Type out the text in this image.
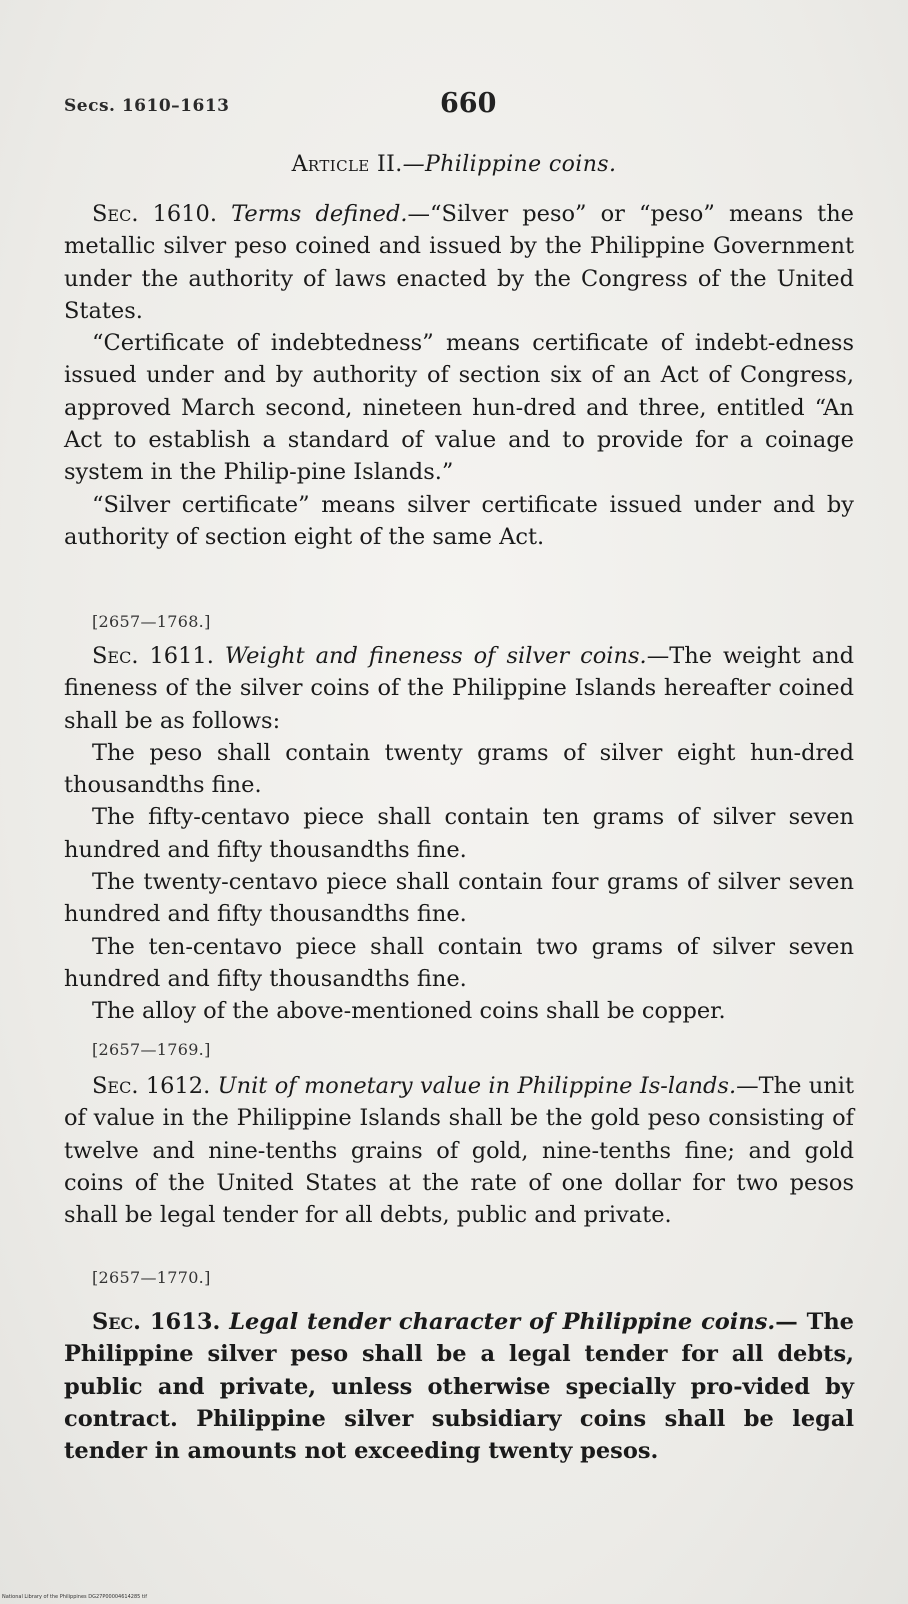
Secs. 1610–1613	660
Article II.—Philippine coins.

Sec. 1610. Terms defined.—“Silver peso” or “peso” means the metallic silver peso coined and issued by the Philippine Government under the authority of laws enacted by the Congress of the United States.

“Certificate of indebtedness” means certificate of indebt-edness issued under and by authority of section six of an Act of Congress, approved March second, nineteen hun-dred and three, entitled “An Act to establish a standard of value and to provide for a coinage system in the Philip-pine Islands.”

“Silver certificate” means silver certificate issued under and by authority of section eight of the same Act.

[2657—1768.]

Sec. 1611. Weight and fineness of silver coins.—The weight and fineness of the silver coins of the Philippine Islands hereafter coined shall be as follows:

The peso shall contain twenty grams of silver eight hun-dred thousandths fine.

The fifty-centavo piece shall contain ten grams of silver seven hundred and fifty thousandths fine.

The twenty-centavo piece shall contain four grams of silver seven hundred and fifty thousandths fine.

The ten-centavo piece shall contain two grams of silver seven hundred and fifty thousandths fine.

The alloy of the above-mentioned coins shall be copper.

[2657—1769.]

Sec. 1612. Unit of monetary value in Philippine Is-lands.—The unit of value in the Philippine Islands shall be the gold peso consisting of twelve and nine-tenths grains of gold, nine-tenths fine; and gold coins of the United States at the rate of one dollar for two pesos shall be legal tender for all debts, public and private.

[2657—1770.]

Sec. 1613. Legal tender character of Philippine coins.— The Philippine silver peso shall be a legal tender for all debts, public and private, unless otherwise specially pro-vided by contract. Philippine silver subsidiary coins shall be legal tender in amounts not exceeding twenty pesos.

National Library of the Philippines DG27P00004614285 tif
